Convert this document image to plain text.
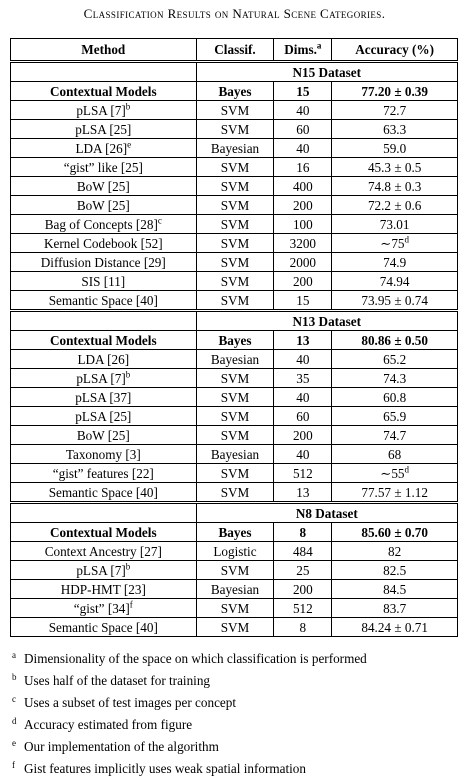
Classification Results on Natural Scene Categories.
Method	Classif.	Dims.$^a$	Accuracy (%)
	N15 Dataset		
Contextual Models	Bayes	15	77.20 ± 0.39
pLSA $[7]^b$	SVM	40	72.7
pLSA [25]	SVM	60	63.3
LDA $[26]^e$	Bayesian	40	59.0
“gist” like [25]	SVM	16	45.3 ± 0.5
BoW [25]	SVM	400	74.8 ± 0.3
BoW [25]	SVM	200	72.2 ± 0.6
Bag of Concepts $[28]^c$	SVM	100	73.01
Kernel Codebook [52]	SVM	3200	∼75$^d$
Diffusion Distance [29]	SVM	2000	74.9
SIS [11]	SVM	200	74.94
Semantic Space [40]	SVM	15	73.95 ± 0.74
	N13 Dataset		
Contextual Models	Bayes	13	80.86 ± 0.50
LDA [26]	Bayesian	40	65.2
pLSA $[7]^b$	SVM	35	74.3
pLSA [37]	SVM	40	60.8
pLSA [25]	SVM	60	65.9
BoW [25]	SVM	200	74.7
Taxonomy [3]	Bayesian	40	68
“gist” features [22]	SVM	512	∼55$^d$
Semantic Space [40]	SVM	13	77.57 ± 1.12
	N8 Dataset		
Contextual Models	Bayes	8	85.60 ± 0.70
Context Ancestry [27]	Logistic	484	82
pLSA $[7]^b$	SVM	25	82.5
HDP-HMT [23]	Bayesian	200	84.5
“gist” $[34]^f$	SVM	512	83.7
Semantic Space [40]	SVM	8	84.24 ± 0.71
a Dimensionality of the space on which classification is performed
b Uses half of the dataset for training
c Uses a subset of test images per concept
d Accuracy estimated from figure
e Our implementation of the algorithm
f Gist features implicitly uses weak spatial information
